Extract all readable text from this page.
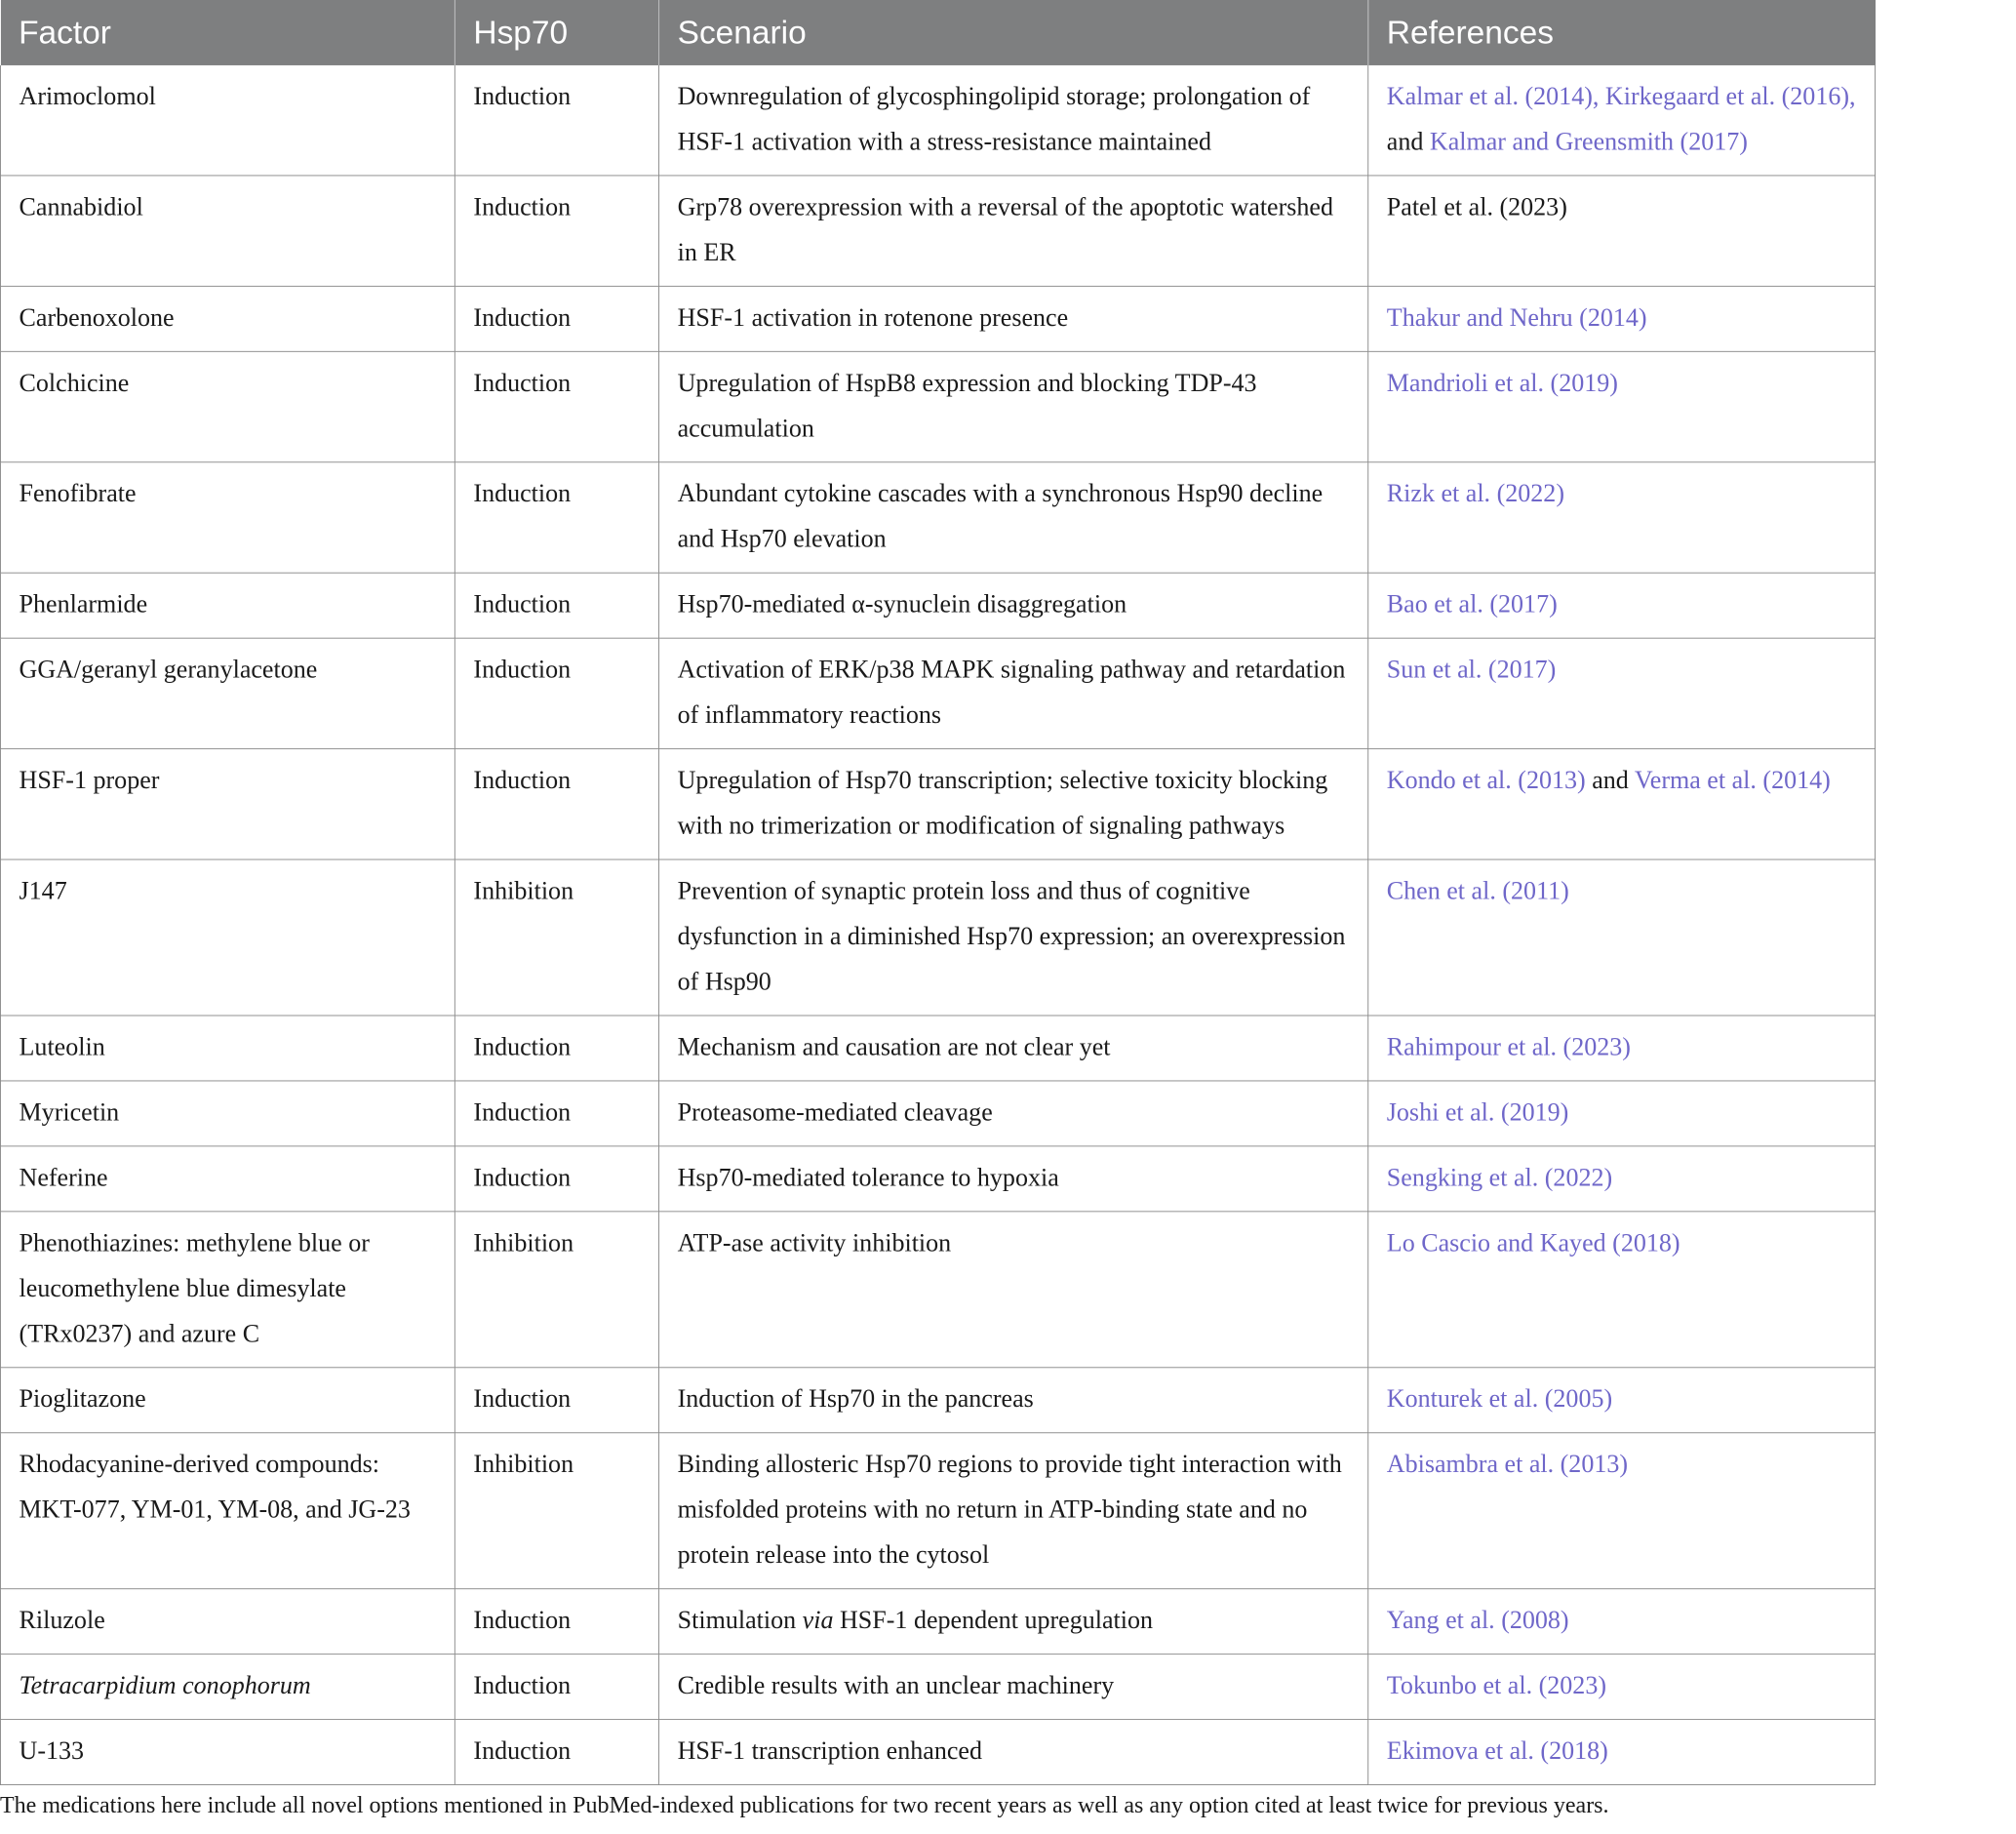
Factor	Hsp70	Scenario	References
Arimoclomol	Induction	Downregulation of glycosphingolipid storage; prolongation of HSF-1 activation with a stress-resistance maintained	Kalmar et al. (2014), Kirkegaard et al. (2016), and Kalmar and Greensmith (2017)
Cannabidiol	Induction	Grp78 overexpression with a reversal of the apoptotic watershed in ER	Patel et al. (2023)
Carbenoxolone	Induction	HSF-1 activation in rotenone presence	Thakur and Nehru (2014)
Colchicine	Induction	Upregulation of HspB8 expression and blocking TDP-43 accumulation	Mandrioli et al. (2019)
Fenofibrate	Induction	Abundant cytokine cascades with a synchronous Hsp90 decline and Hsp70 elevation	Rizk et al. (2022)
Phenlarmide	Induction	Hsp70-mediated α-synuclein disaggregation	Bao et al. (2017)
GGA/geranyl geranylacetone	Induction	Activation of ERK/p38 MAPK signaling pathway and retardation of inflammatory reactions	Sun et al. (2017)
HSF-1 proper	Induction	Upregulation of Hsp70 transcription; selective toxicity blocking with no trimerization or modification of signaling pathways	Kondo et al. (2013) and Verma et al. (2014)
J147	Inhibition	Prevention of synaptic protein loss and thus of cognitive dysfunction in a diminished Hsp70 expression; an overexpression of Hsp90	Chen et al. (2011)
Luteolin	Induction	Mechanism and causation are not clear yet	Rahimpour et al. (2023)
Myricetin	Induction	Proteasome-mediated cleavage	Joshi et al. (2019)
Neferine	Induction	Hsp70-mediated tolerance to hypoxia	Sengking et al. (2022)
Phenothiazines: methylene blue or leucomethylene blue dimesylate (TRx0237) and azure C	Inhibition	ATP-ase activity inhibition	Lo Cascio and Kayed (2018)
Pioglitazone	Induction	Induction of Hsp70 in the pancreas	Konturek et al. (2005)
Rhodacyanine-derived compounds: MKT-077, YM-01, YM-08, and JG-23	Inhibition	Binding allosteric Hsp70 regions to provide tight interaction with misfolded proteins with no return in ATP-binding state and no protein release into the cytosol	Abisambra et al. (2013)
Riluzole	Induction	Stimulation via HSF-1 dependent upregulation	Yang et al. (2008)
Tetracarpidium conophorum	Induction	Credible results with an unclear machinery	Tokunbo et al. (2023)
U-133	Induction	HSF-1 transcription enhanced	Ekimova et al. (2018)
The medications here include all novel options mentioned in PubMed-indexed publications for two recent years as well as any option cited at least twice for previous years.
